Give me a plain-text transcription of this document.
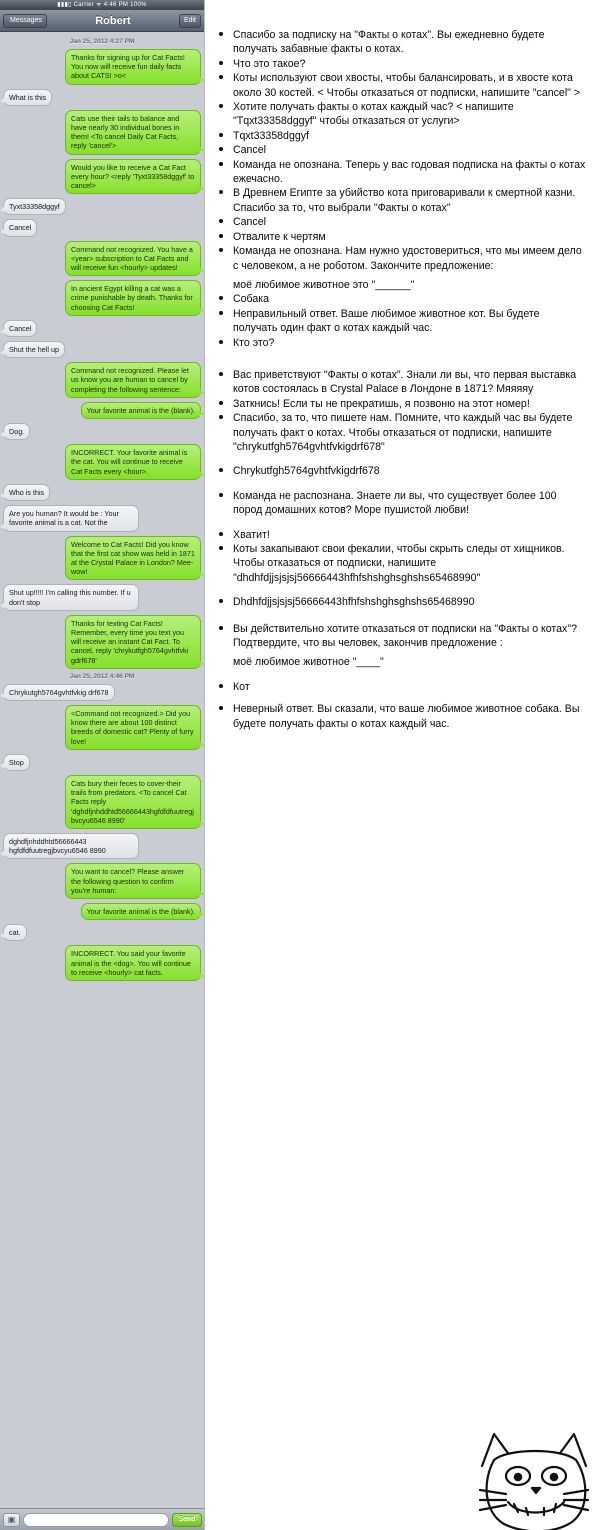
▮▮▮▯ Carrier ᯤ 4:46 PM 100%
Messages	Robert	Edit
Jan 25, 2012 4:27 PM
Thanks for signing up for Cat Facts! You now will receive fun daily facts about CATS! >o<
What is this
Cats use their tails to balance and have nearly 30 individual bones in them! <To cancel Daily Cat Facts, reply 'cancel'>
Would you like to receive a Cat Fact every hour? <reply 'Tyxt33358dggyf' to cancel>
Tyxt33358dggyf
Cancel
Command not recognized. You have a <year> subscription to Cat Facts and will receive fun <hourly> updates!
In ancient Egypt killing a cat was a crime punishable by death. Thanks for choosing Cat Facts!
Cancel
Shut the hell up
Command not recognized. Please let us know you are human to cancel by completing the following sentence:
Your favorite animal is the (blank).
Dog.
INCORRECT. Your favorite animal is the cat. You will continue to receive Cat Facts every <hour>.
Who is this
Are you human? It would be : Your favorite animal is a cat. Not the
Welcome to Cat Facts! Did you know that the first cat show was held in 1871 at the Crystal Palace in London? Mee-wow!
Shut up!!!!! I'm calling this number. If u don't stop
Thanks for texting Cat Facts! Remember, every time you text you will receive an instant Cat Fact. To cancel, reply 'chrykutfgh5764gvhtfvki gdrf678'
Jan 25, 2012 4:46 PM
Chrykutgh5764gvhtfvkig drf678
<Command not recognized.> Did you know there are about 100 distinct breeds of domestic cat? Plenty of furry love!
Stop
Cats bury their feces to cover-their trails from predators. <To cancel Cat Facts reply 'dghdfjnhddhtd56666443hgfdfdfuutregjbvcyu6546 8990'
dghdfjnhddhtd56666443 hgfdfdfuutregjbvcyu6546 8990
You want to cancel? Please answer the following question to confirm you're human:
Your favorite animal is the (blank).
cat.
INCORRECT. You said your favorite animal is the <dog>. You will continue to receive <hourly> cat facts.
▣	Send
Спасибо за подписку на "Факты о котах". Вы ежедневно будете получать забавные факты о котах.
Что это такое?
Коты используют свои хвосты, чтобы балансировать, и в хвосте кота около 30 костей. < Чтобы отказаться от подписки, напишите "cancel" >
Хотите получать факты о котах каждый час? < напишите "Tqxt33358dggyf" чтобы отказаться от услуги>
Tqxt33358dggyf
Cancel
Команда не опознана. Теперь у вас годовая подписка на факты о котах ежечасно.
В Древнем Египте за убийство кота приговаривали к смертной казни. Спасибо за то, что выбрали "Факты о котах"
Cancel
Отвалите к чертям
Команда не опознана. Нам нужно удостовериться, что мы имеем дело с человеком, а не роботом. Закончите предложение:
моё любимое животное это "______"
Собака
Неправильный ответ. Ваше любимое животное кот. Вы будете получать один факт о котах каждый час.
Кто это?
Вас приветствуют "Факты о котах". Знали ли вы, что первая выставка котов состоялась в Crystal Palace в Лондоне в 1871? Мяяяяу
Заткнись! Если ты не прекратишь, я позвоню на этот номер!
Спасибо, за то, что пишете нам. Помните, что каждый час вы будете получать факт о котах. Чтобы отказаться от подписки, напишите "chrykutfgh5764gvhtfvkigdrf678"
Chrykutfgh5764gvhtfvkigdrf678
Команда не распознана. Знаете ли вы, что существует более 100 пород домашних котов? Море пушистой любви!
Хватит!
Коты закапывают свои фекалии, чтобы скрыть следы от хищников. Чтобы отказаться от подписки, напишите "dhdhfdjjsjsjsj56666443hfhfshshghsghshs65468990"
Dhdhfdjjsjsjsj56666443hfhfshshghsghshs65468990
Вы действительно хотите отказаться от подписки на "Факты о котах"? Подтвердите, что вы человек, закончив предложение :
моё любимое животное "____"
Кот
Неверный ответ. Вы сказали, что ваше любимое животное собака. Вы будете получать факты о котах каждый час.
